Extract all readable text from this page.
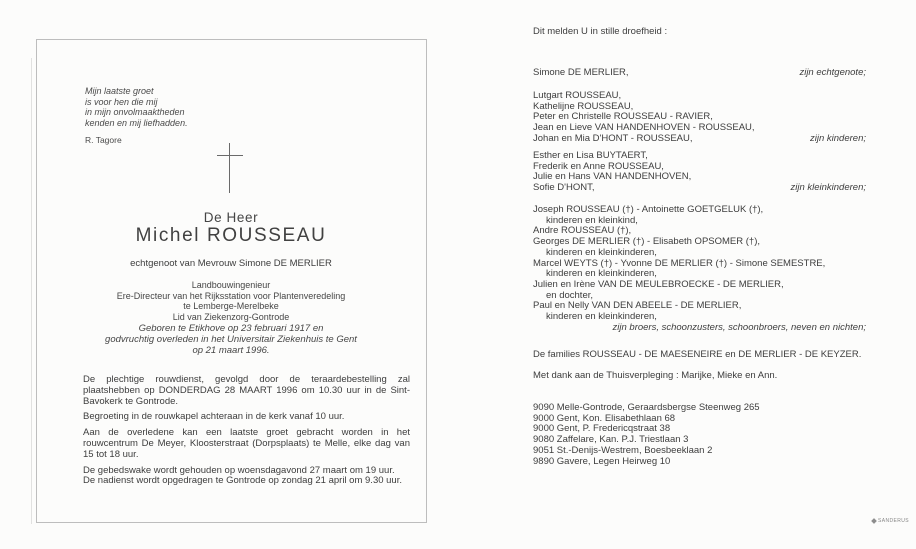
Mijn laatste groet
is voor hen die mij
in mijn onvolmaaktheden
kenden en mij liefhadden.
R. Tagore
De Heer
Michel ROUSSEAU
echtgenoot van Mevrouw Simone DE MERLIER
Landbouwingenieur
Ere-Directeur van het Rijksstation voor Plantenveredeling
te Lemberge-Merelbeke
Lid van Ziekenzorg-Gontrode
Geboren te Etikhove op 23 februari 1917 en
godvruchtig overleden in het Universitair Ziekenhuis te Gent
op 21 maart 1996.
De plechtige rouwdienst, gevolgd door de teraardebestelling zal plaatshebben op DONDERDAG 28 MAART 1996 om 10.30 uur in de Sint-Bavokerk te Gontrode.
Begroeting in de rouwkapel achteraan in de kerk vanaf 10 uur.
Aan de overledene kan een laatste groet gebracht worden in het rouwcentrum De Meyer, Kloosterstraat (Dorpsplaats) te Melle, elke dag van 15 tot 18 uur.
De gebedswake wordt gehouden op woensdagavond 27 maart om 19 uur.
De nadienst wordt opgedragen te Gontrode op zondag 21 april om 9.30 uur.
Dit melden U in stille droefheid :
Simone DE MERLIER,	zijn echtgenote;
Lutgart ROUSSEAU,
Kathelijne ROUSSEAU,
Peter en Christelle ROUSSEAU - RAVIER,
Jean en Lieve VAN HANDENHOVEN - ROUSSEAU,
Johan en Mia D'HONT - ROUSSEAU,	zijn kinderen;
Esther en Lisa BUYTAERT,
Frederik en Anne ROUSSEAU,
Julie en Hans VAN HANDENHOVEN,
Sofie D'HONT,	zijn kleinkinderen;
Joseph ROUSSEAU (†) - Antoinette GOETGELUK (†),
kinderen en kleinkind,
Andre ROUSSEAU (†),
Georges DE MERLIER (†) - Elisabeth OPSOMER (†),
kinderen en kleinkinderen,
Marcel WEYTS (†) - Yvonne DE MERLIER (†) - Simone SEMESTRE,
kinderen en kleinkinderen,
Julien en Irène VAN DE MEULEBROECKE - DE MERLIER,
en dochter,
Paul en Nelly VAN DEN ABEELE - DE MERLIER,
kinderen en kleinkinderen,
zijn broers, schoonzusters, schoonbroers, neven en nichten;
De families ROUSSEAU - DE MAESENEIRE en DE MERLIER - DE KEYZER.
Met dank aan de Thuisverpleging : Marijke, Mieke en Ann.
9090 Melle-Gontrode, Geraardsbergse Steenweg 265
9000 Gent, Kon. Elisabethlaan 68
9000 Gent, P. Fredericqstraat 38
9080 Zaffelare, Kan. P.J. Triestlaan 3
9051 St.-Denijs-Westrem, Boesbeeklaan 2
9890 Gavere, Legen Heirweg 10
SANDERUS
